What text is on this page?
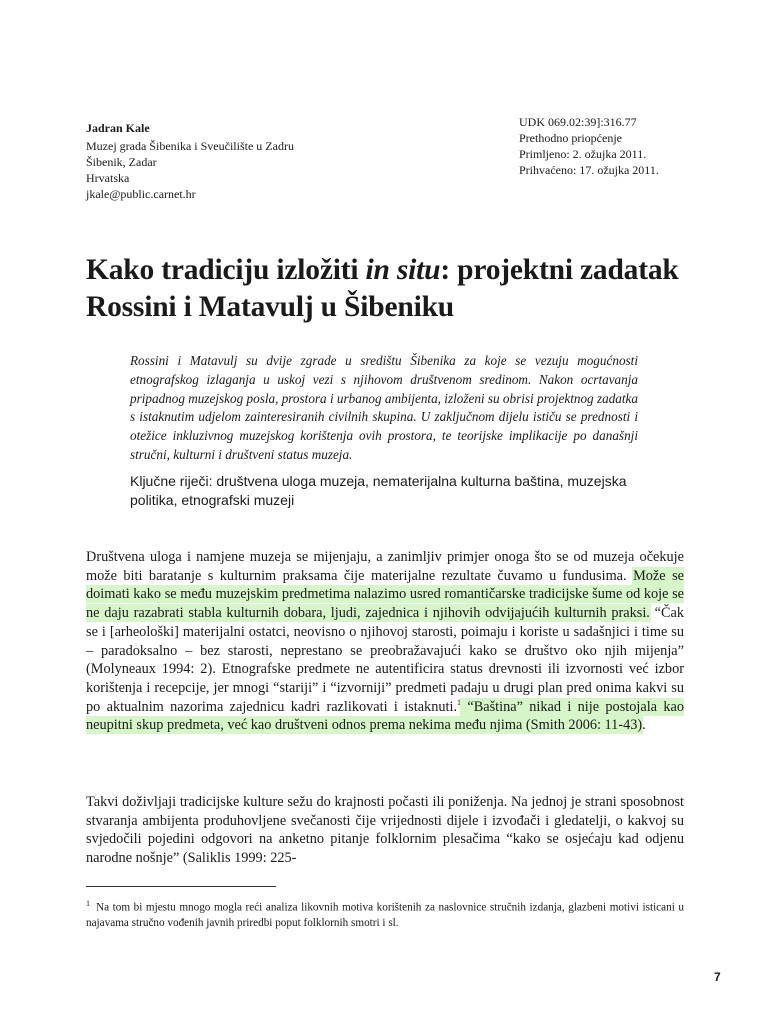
Jadran Kale
Muzej grada Šibenika i Sveučilište u Zadru
Šibenik, Zadar
Hrvatska
jkale@public.carnet.hr
UDK 069.02:39]:316.77
Prethodno priopćenje
Primljeno: 2. ožujka 2011.
Prihvaćeno: 17. ožujka 2011.
Kako tradiciju izložiti in situ: projektni zadatak Rossini i Matavulj u Šibeniku

Rossini i Matavulj su dvije zgrade u središtu Šibenika za koje se vezuju mogućnosti etnografskog izlaganja u uskoj vezi s njihovom društvenom sredinom. Nakon ocrtavanja pripadnog muzejskog posla, prostora i urbanog ambijenta, izloženi su obrisi projektnog zadatka s istaknutim udjelom zainteresiranih civilnih skupina. U zaključnom dijelu ističu se prednosti i otežice inkluzivnog muzejskog korištenja ovih prostora, te teorijske implikacije po današnji stručni, kulturni i društveni status muzeja.

Ključne riječi: društvena uloga muzeja, nematerijalna kulturna baština, muzejska politika, etnografski muzeji

Društvena uloga i namjene muzeja se mijenjaju, a zanimljiv primjer onoga što se od muzeja očekuje može biti baratanje s kulturnim praksama čije materijalne rezultate čuvamo u fundusima. Može se doimati kako se među muzejskim predmetima nalazimo usred romantičarske tradicijske šume od koje se ne daju razabrati stabla kulturnih dobara, ljudi, zajednica i njihovih odvijajućih kulturnih praksi. “Čak se i [arheološki] materijalni ostatci, neovisno o njihovoj starosti, poimaju i koriste u sadašnjici i time su – paradoksalno – bez starosti, neprestano se preobražavajući kako se društvo oko njih mijenja” (Molyneaux 1994: 2). Etnografske predmete ne autentificira status drevnosti ili izvornosti već izbor korištenja i recepcije, jer mnogi “stariji” i “izvorniji” predmeti padaju u drugi plan pred onima kakvi su po aktualnim nazorima zajednicu kadri razlikovati i istaknuti.$^1$ “Baština” nikad i nije postojala kao neupitni skup predmeta, već kao društveni odnos prema nekima među njima (Smith 2006: 11-43).

Takvi doživljaji tradicijske kulture sežu do krajnosti počasti ili poniženja. Na jednoj je strani sposobnost stvaranja ambijenta produhovljene svečanosti čije vrijednosti dijele i izvođači i gledatelji, o kakvoj su svjedočili pojedini odgovori na anketno pitanje folklornim plesačima “kako se osjećaju kad odjenu narodne nošnje” (Saliklis 1999: 225-

$^1$ Na tom bi mjestu mnogo mogla reći analiza likovnih motiva korištenih za naslovnice stručnih izdanja, glazbeni motivi isticani u najavama stručno vođenih javnih priredbi poput folklornih smotri i sl.

7
